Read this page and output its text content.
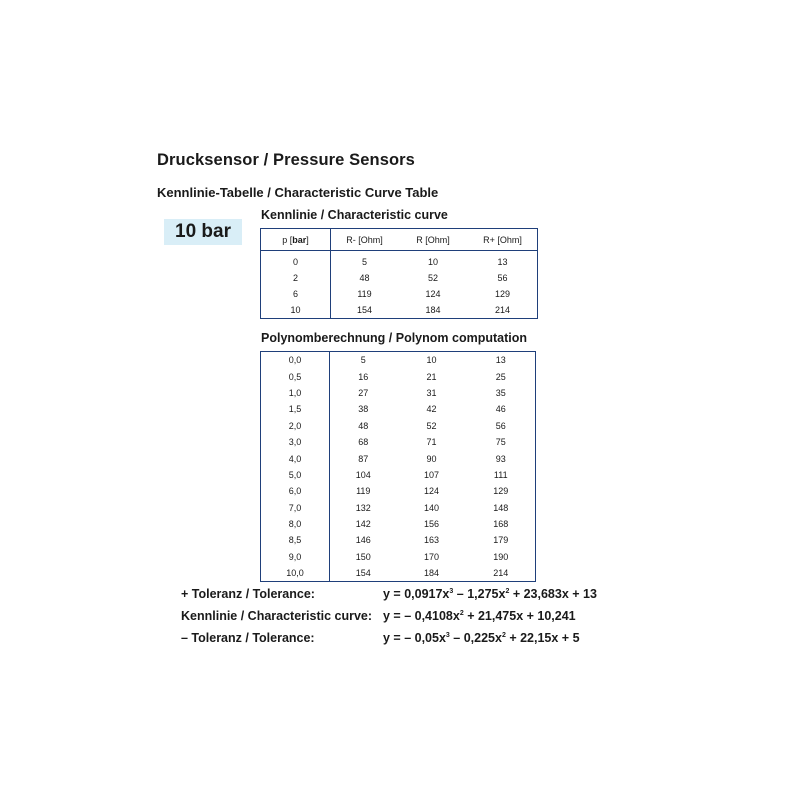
Drucksensor / Pressure Sensors
Kennlinie-Tabelle / Characteristic Curve Table
10 bar
Kennlinie / Characteristic curve
p [bar]	R- [Ohm]	R [Ohm]	R+ [Ohm]
0	5	10	13
2	48	52	56
6	119	124	129
10	154	184	214
Polynomberechnung / Polynom computation
0,0	5	10	13
0,5	16	21	25
1,0	27	31	35
1,5	38	42	46
2,0	48	52	56
3,0	68	71	75
4,0	87	90	93
5,0	104	107	111
6,0	119	124	129
7,0	132	140	148
8,0	142	156	168
8,5	146	163	179
9,0	150	170	190
10,0	154	184	214
+ Toleranz / Tolerance:	$y = 0,0917x^3 - 1,275x^2 + 23,683x + 13$
Kennlinie / Characteristic curve: y = – $0,4108x^2 + 21,475x + 10,241$
– Toleranz / Tolerance:	y = – $0,05x^3 - 0,225x^2 + 22,15x + 5$
